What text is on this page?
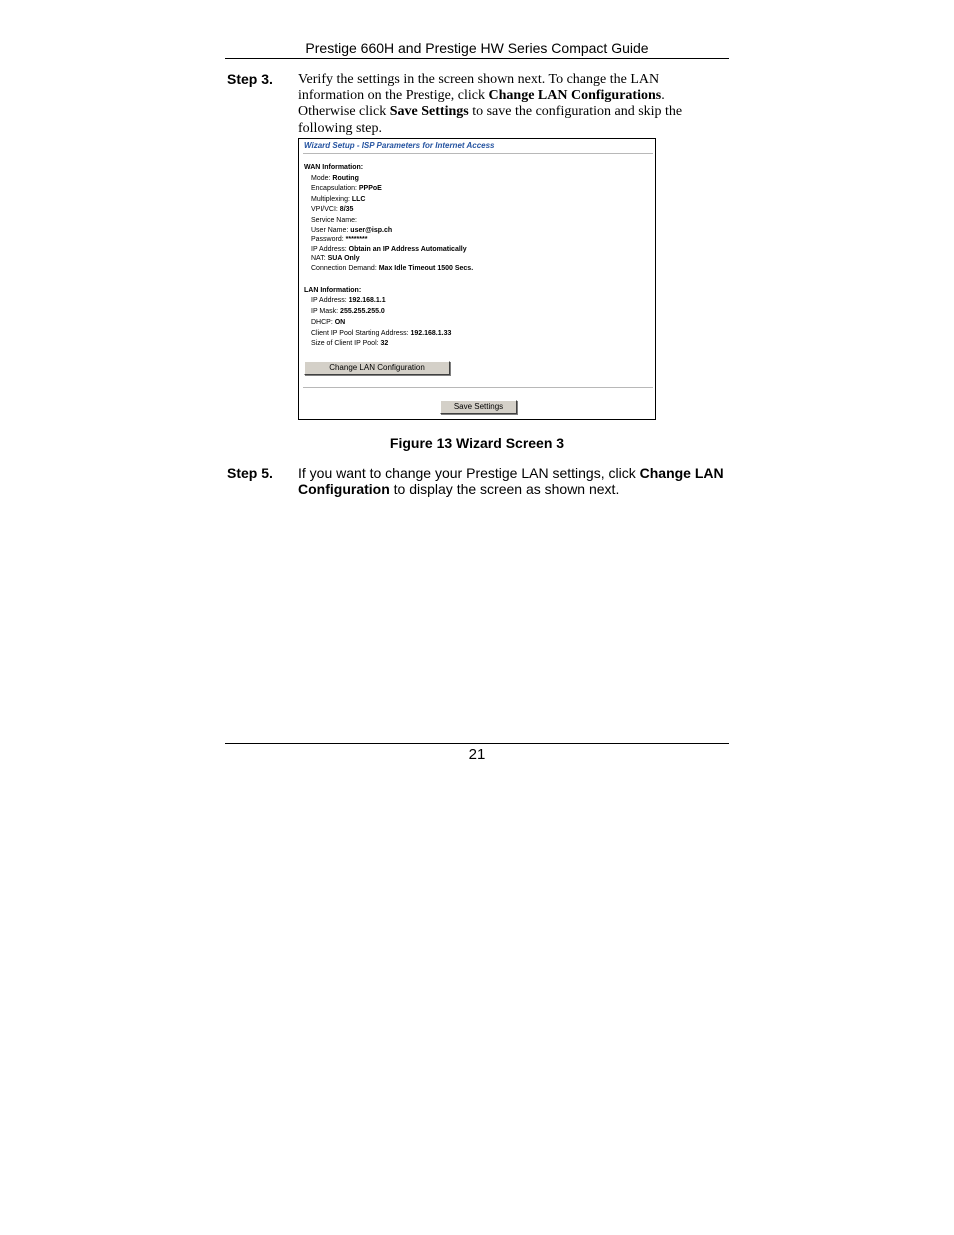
Prestige 660H and Prestige HW Series Compact Guide
Step 3. Verify the settings in the screen shown next. To change the LAN
information on the Prestige, click Change LAN Configurations.
Otherwise click Save Settings to save the configuration and skip the
following step.
Wizard Setup - ISP Parameters for Internet Access
WAN Information:
Mode: Routing
Encapsulation: PPPoE
Multiplexing: LLC
VPI/VCI: 8/35
Service Name:
User Name: user@isp.ch
Password: ********
IP Address: Obtain an IP Address Automatically
NAT: SUA Only
Connection Demand: Max Idle Timeout 1500 Secs.
LAN Information:
IP Address: 192.168.1.1
IP Mask: 255.255.255.0
DHCP: ON
Client IP Pool Starting Address: 192.168.1.33
Size of Client IP Pool: 32
Change LAN Configuration
Save Settings
Figure 13 Wizard Screen 3
Step 5. If you want to change your Prestige LAN settings, click Change LAN
Configuration to display the screen as shown next.
21
